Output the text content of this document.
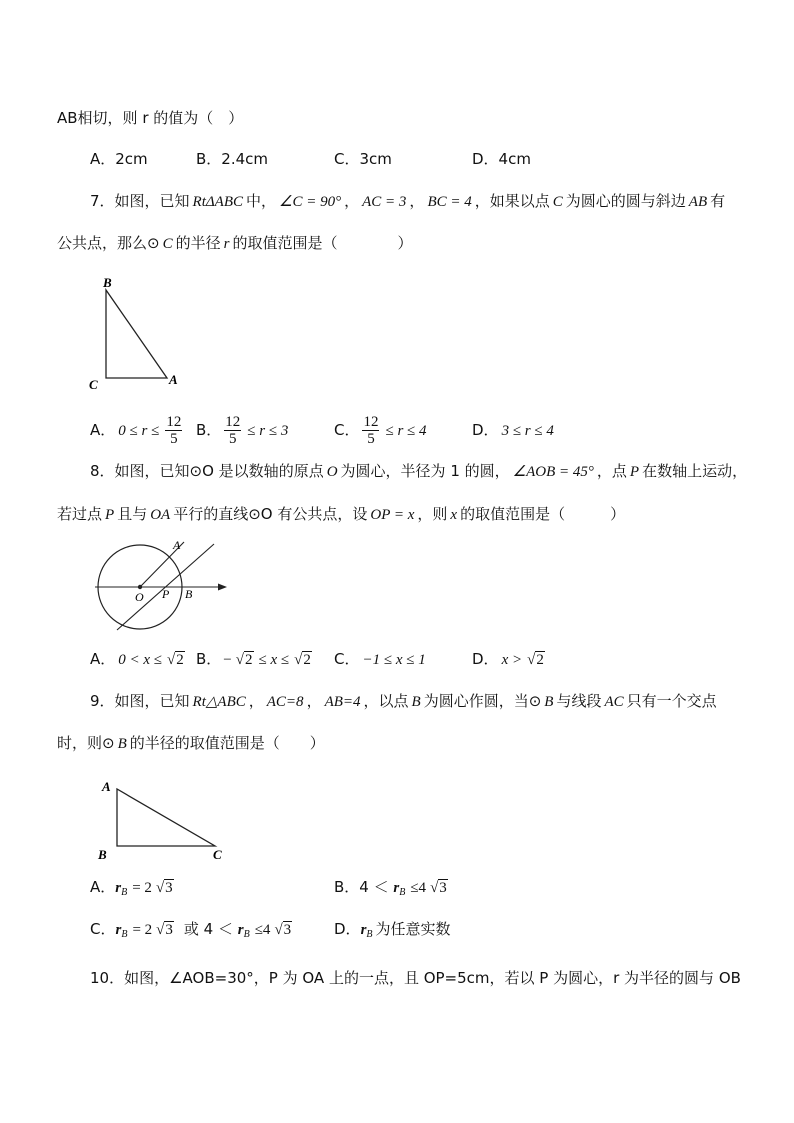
AB相切，则 r 的值为（　）
A．2cm	B．2.4cm	C．3cm	D．4cm
7．如图，已知 RtΔABC 中， ∠C = 90° ， AC = 3 ， BC = 4 ，如果以点 C 为圆心的圆与斜边 AB 有
公共点，那么⊙ C 的半径 r 的取值范围是（　　　　）
B
C	A
A． $0 \le r \le \frac{12}{5}$ B． $\frac{12}{5} \le r \le 3$	C． $\frac{12}{5} \le r \le 4$	D． 3 ≤ r ≤ 4
8．如图，已知⊙O 是以数轴的原点 O 为圆心，半径为 1 的圆， ∠AOB = 45° ，点 P 在数轴上运动，
若过点 P 且与 OA 平行的直线⊙O 有公共点，设 OP = x ，则 x 的取值范围是（　　　）
A
O P B
A． 0 < x ≤ √2 B． − √2 ≤ x ≤ √2 C． −1 ≤ x ≤ 1	D． x > √2
9．如图，已知 Rt△ABC ， AC=8 ， AB=4 ，以点 B 为圆心作圆，当⊙ B 与线段 AC 只有一个交点
时，则⊙ B 的半径的取值范围是（　　）
A
B	C
A．$r_B = 2$ √3	B．$4 < r_B \le 4$ √3
C．$r_B = 2$ √3 或 $4 < r_B \le 4$ √3	D．$r_B$ 为任意实数
10．如图，∠AOB=30°，P 为 OA 上的一点，且 OP=5cm，若以 P 为圆心，r 为半径的圆与 OB
